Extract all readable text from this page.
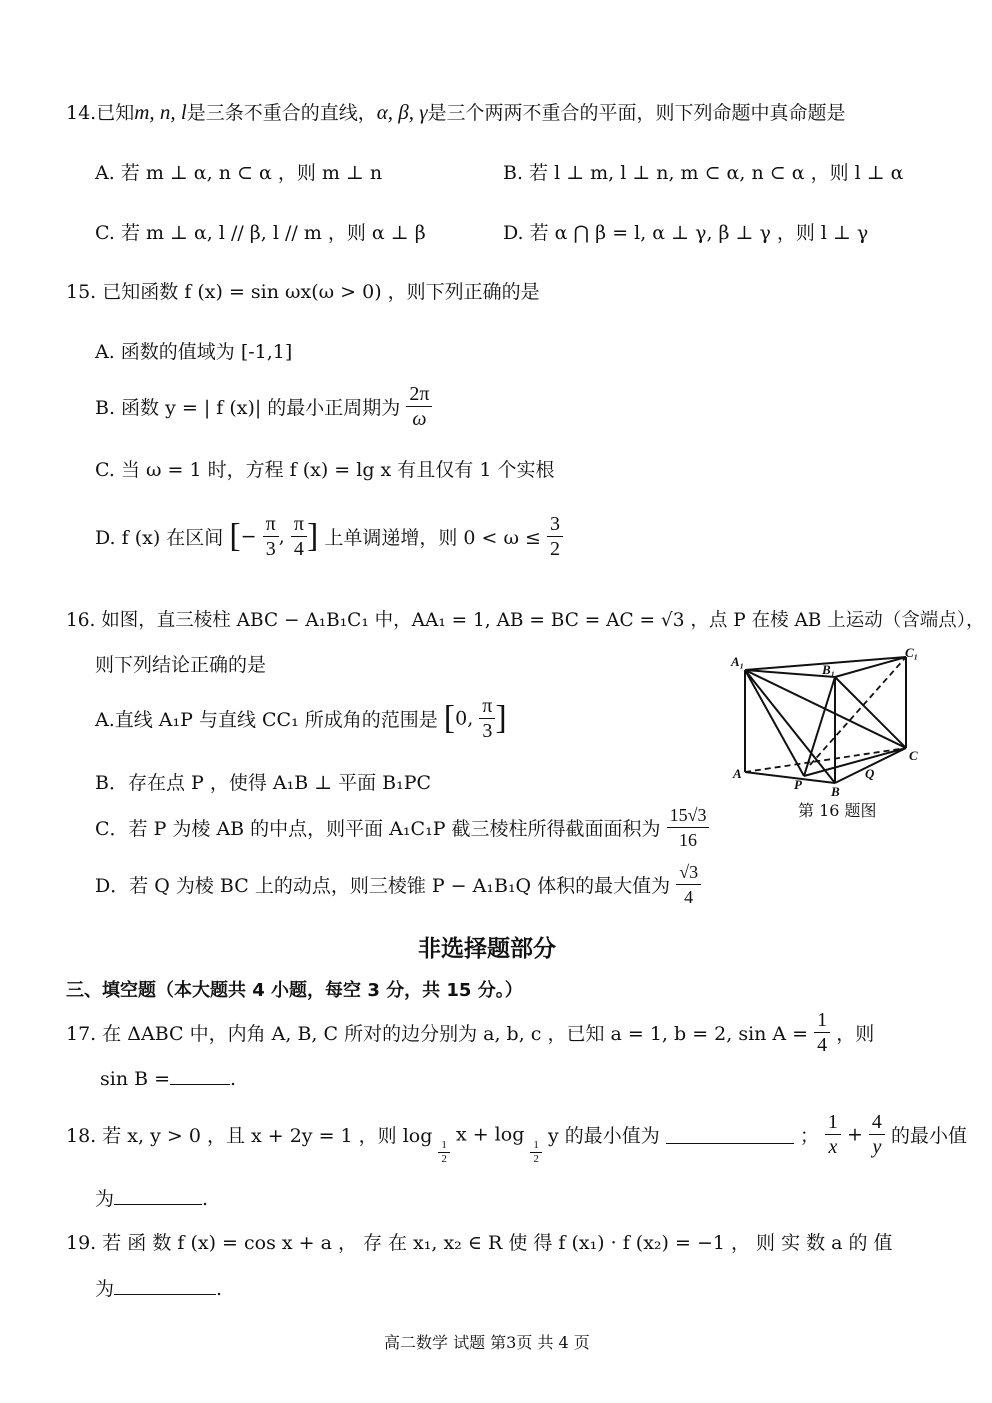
14.已知m, n, l是三条不重合的直线，α, β, γ是三个两两不重合的平面，则下列命题中真命题是
A. 若 m ⊥ α, n ⊂ α ，则 m ⊥ n	B. 若 l ⊥ m, l ⊥ n, m ⊂ α, n ⊂ α ，则 l ⊥ α
C. 若 m ⊥ α, l // β, l // m ，则 α ⊥ β	D. 若 α ⋂ β = l, α ⊥ γ, β ⊥ γ ，则 l ⊥ γ
15. 已知函数 f (x) = sin ωx(ω > 0) ，则下列正确的是
A. 函数的值域为 [-1,1]
B. 函数 y = | f (x)| 的最小正周期为 $\frac{2\pi}{\omega}$
C. 当 ω = 1 时，方程 f (x) = lg x 有且仅有 1 个实根
D. f (x) 在区间 [− $\frac{\pi}{3}$ , $\frac{\pi}{4}$ ] 上单调递增，则 $0 < \omega \le \frac{3}{2}$
16. 如图，直三棱柱 ABC − A₁B₁C₁ 中，AA₁ = 1, AB = BC = AC = √3 ，点 P 在棱 AB 上运动（含端点），
则下列结论正确的是
A.直线 A₁P 与直线 CC₁ 所成角的范围是 [0, $\frac{\pi}{3}$ ]
B．存在点 P ，使得 A₁B ⊥ 平面 B₁PC
C．若 P 为棱 AB 的中点，则平面 A₁C₁P 截三棱柱所得截面面积为 $\frac{15√3}{16}$
D．若 Q 为棱 BC 上的动点，则三棱锥 P − A₁B₁Q 体积的最大值为 $\frac{√3}{4}$
A₁
B₁
C₁
A
B
C
P
Q
第 16 题图
非选择题部分
三、填空题（本大题共 4 小题，每空 3 分，共 15 分。）
17. 在 ΔABC 中，内角 A, B, C 所对的边分别为 a, b, c ，已知 a = 1, b = 2, $\sin A = \frac{1}{4}$ ，则
sin B =	.
18. 若 x, y > 0 ，且 x + 2y = 1 ，则 log
$\frac{1}{2}$
x + log
$\frac{1}{2}$
y 的最小值为	； $\frac{1}{x} + \frac{4}{y}$ 的最小值
为	.
19. 若 函 数 f (x) = cos x + a ， 存 在 x₁, x₂ ∈ R 使 得 f (x₁) · f (x₂) = −1 ， 则 实 数 a 的 值
为	.
高二数学 试题 第3页 共 4 页
